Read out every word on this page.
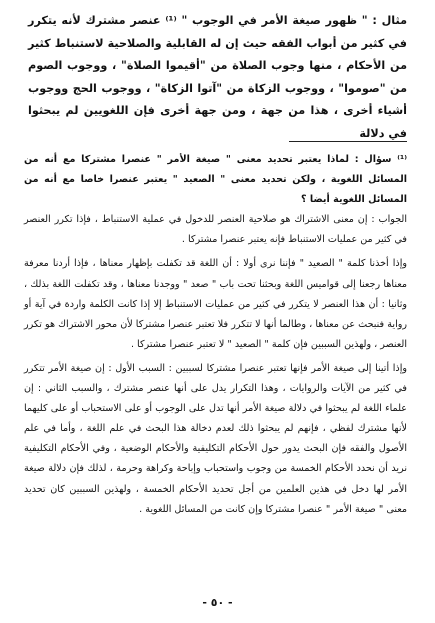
مثال : " ظهور صيغة الأمر في الوجوب " ⁽¹⁾ عنصر مشترك لأنه يتكرر في كثير من أبواب الفقه حيث إن له القابلية والصلاحية لاستنباط كثير من الأحكام ، منها وجوب الصلاة من "أقيموا الصلاة" ، ووجوب الصوم من "صوموا" ، ووجوب الزكاة من "آتوا الزكاة" ، ووجوب الحج ووجوب أشياء أخرى ، هذا من جهة ، ومن جهة أخرى فإن اللغويين لم يبحثوا في دلالة

⁽¹⁾ سؤال : لماذا يعتبر تحديد معنى " صيغة الأمر " عنصرا مشتركا مع أنه من المسائل اللغوية ، ولكن تحديد معنى " الصعيد " يعتبر عنصرا خاصا مع أنه من المسائل اللغوية أيضا ؟

الجواب : إن معنى الاشتراك هو صلاحية العنصر للدخول في عملية الاستنباط ، فإذا تكرر العنصر في كثير من عمليات الاستنباط فإنه يعتبر عنصرا مشتركا .

وإذا أخذنا كلمة " الصعيد " فإننا نرى أولا : أن اللغة قد تكفلت بإظهار معناها ، فإذا أردنا معرفة معناها رجعنا إلى قواميس اللغة وبحثنا تحت باب " صعد " ووجدنا معناها ، وقد تكفلت اللغة بذلك ، وثانيا : أن هذا العنصر لا يتكرر في كثير من عمليات الاستنباط إلا إذا كانت الكلمة واردة في آية أو رواية فنبحث عن معناها ، وطالما أنها لا تتكرر فلا تعتبر عنصرا مشتركا لأن محور الاشتراك هو تكرر العنصر ، ولهذين السببين فإن كلمة " الصعيد " لا تعتبر عنصرا مشتركا .

وإذا أتينا إلى صيغة الأمر فإنها تعتبر عنصرا مشتركا لسببين : السبب الأول : إن صيغة الأمر تتكرر في كثير من الآيات والروايات ، وهذا التكرار يدل على أنها عنصر مشترك ، والسبب الثاني : إن علماء اللغة لم يبحثوا في دلالة صيغة الأمر أنها تدل على الوجوب أو على الاستحباب أو على كليهما لأنها مشترك لفظي ، فإنهم لم يبحثوا ذلك لعدم دخالة هذا البحث في علم اللغة ، وأما في علم الأصول والفقه فإن البحث يدور حول الأحكام التكليفية والأحكام الوضعية ، وفي الأحكام التكليفية نريد أن نحدد الأحكام الخمسة من وجوب واستحباب وإباحة وكراهة وحرمة ، لذلك فإن دلالة صيغة الأمر لها دخل في هذين العلمين من أجل تحديد الأحكام الخمسة ، ولهذين السببين كان تحديد معنى " صيغة الأمر " عنصرا مشتركا وإن كانت من المسائل اللغوية .

- ٥٠ -
